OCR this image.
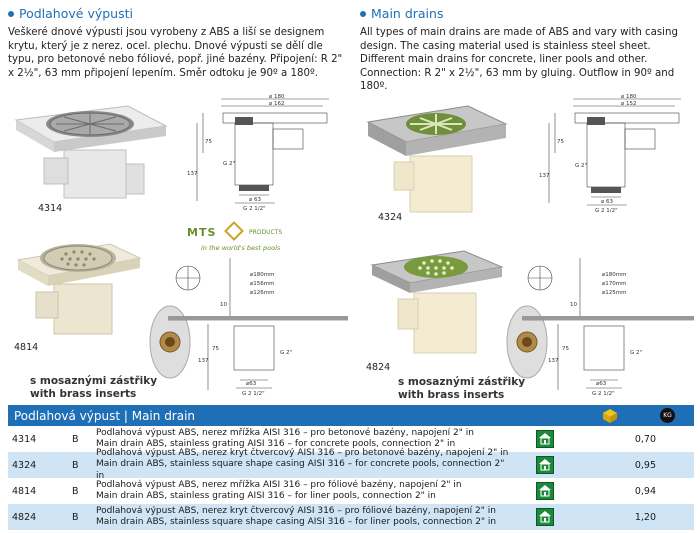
Podlahové výpusti	Main drains
Veškeré dnové výpusti jsou vyrobeny z ABS a liší se designem krytu, který je z nerez. ocel. plechu. Dnové výpusti se dělí dle typu, pro betonové nebo fóliové, popř. jiné bazény. Připojení: R 2" x 2½", 63 mm připojení lepením. Směr odtoku je 90º a 180º.
All types of main drains are made of ABS and vary with casing design. The casing material used is stainless steel sheet. Different main drains for concrete, liner pools and other. Connection: R 2" x 2½", 63 mm by gluing. Outflow in 90º and 180º.
4314
⌀ 180
⌀ 162
75
137
G 2"
⌀ 63
G 2 1/2"
MTS	PRODUCTS
in the world's best pools
4814
⌀180mm
⌀156mm
⌀126mm
10
75
137
G 2"
⌀63
G 2 1/2"
s mosaznými zástřiky
with brass inserts
4324
⌀ 180
⌀ 152
75
137
G 2"
⌀ 63
G 2 1/2"
4824
⌀180mm
⌀170mm
⌀125mm
10
75
137
G 2"
⌀63
G 2 1/2"
s mosaznými zástřiky
with brass inserts
Podlahová výpust | Main drain	KG
4314	B
Podlahová výpust ABS, nerez mřížka AISI 316 – pro betonové bazény, napojení 2" in
Main drain ABS, stainless grating AISI 316 – for concrete pools, connection 2" in	0,70
4324	B
Podlahová výpust ABS, nerez kryt čtvercový AISI 316 – pro betonové bazény, napojení 2" in
Main drain ABS, stainless square shape casing AISI 316 – for concrete pools, connection 2" in
0,95
4814	B
Podlahová výpust ABS, nerez mřížka AISI 316 – pro fóliové bazény, napojení 2" in
Main drain ABS, stainless grating AISI 316 – for liner pools, connection 2" in	0,94
4824	B
Podlahová výpust ABS, nerez kryt čtvercový AISI 316 – pro fóliové bazény, napojení 2" in
Main drain ABS, stainless square shape casing AISI 316 – for liner pools, connection 2" in	1,20
